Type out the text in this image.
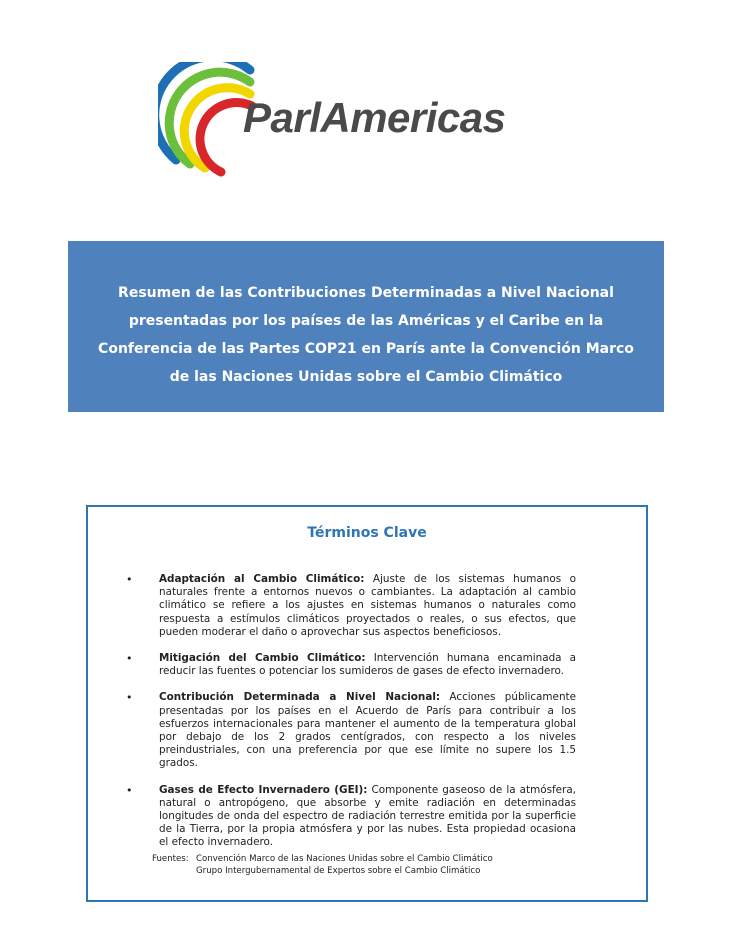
ParlAmericas

Resumen de las Contribuciones Determinadas a Nivel Nacional

presentadas por los países de las Américas y el Caribe en la

Conferencia de las Partes COP21 en París ante la Convención Marco

de las Naciones Unidas sobre el Cambio Climático

Términos Clave
•	Adaptación al Cambio Climático: Ajuste de los sistemas humanos o naturales frente a entornos nuevos o cambiantes. La adaptación al cambio climático se refiere a los ajustes en sistemas humanos o naturales como respuesta a estímulos climáticos proyectados o reales, o sus efectos, que pueden moderar el daño o aprovechar sus aspectos beneficiosos.
•	Mitigación del Cambio Climático: Intervención humana encaminada a reducir las fuentes o potenciar los sumideros de gases de efecto invernadero.
•	Contribución Determinada a Nivel Nacional: Acciones públicamente presentadas por los países en el Acuerdo de París para contribuir a los esfuerzos internacionales para mantener el aumento de la temperatura global por debajo de los 2 grados centígrados, con respecto a los niveles preindustriales, con una preferencia por que ese límite no supere los 1.5 grados.
•	Gases de Efecto Invernadero (GEI): Componente gaseoso de la atmósfera, natural o antropógeno, que absorbe y emite radiación en determinadas longitudes de onda del espectro de radiación terrestre emitida por la superficie de la Tierra, por la propia atmósfera y por las nubes. Esta propiedad ocasiona el efecto invernadero.
Fuentes: Convención Marco de las Naciones Unidas sobre el Cambio Climático
Grupo Intergubernamental de Expertos sobre el Cambio Climático
